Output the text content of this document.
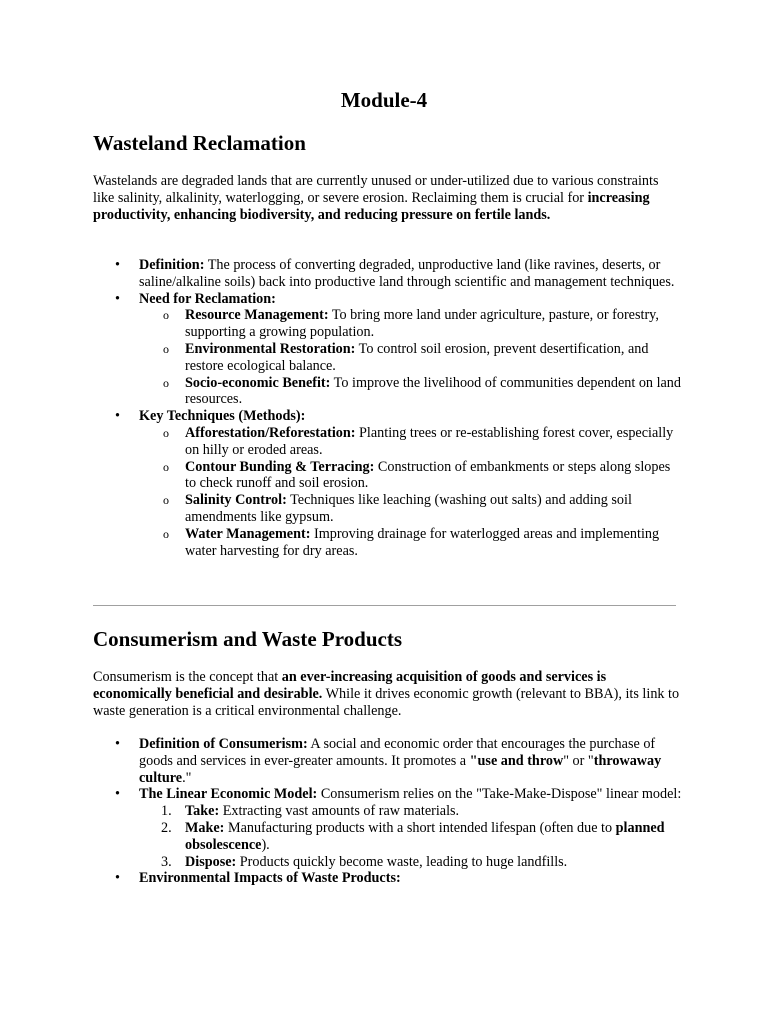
Module-4
Wasteland Reclamation

Wastelands are degraded lands that are currently unused or under-utilized due to various constraints like salinity, alkalinity, waterlogging, or severe erosion. Reclaiming them is crucial for increasing productivity, enhancing biodiversity, and reducing pressure on fertile lands.

• Definition: The process of converting degraded, unproductive land (like ravines, deserts, or saline/alkaline soils) back into productive land through scientific and management techniques.
• Need for Reclamation:
o Resource Management: To bring more land under agriculture, pasture, or forestry, supporting a growing population.
o Environmental Restoration: To control soil erosion, prevent desertification, and restore ecological balance.
o Socio-economic Benefit: To improve the livelihood of communities dependent on land resources.
• Key Techniques (Methods):
o Afforestation/Reforestation: Planting trees or re-establishing forest cover, especially on hilly or eroded areas.
o Contour Bunding & Terracing: Construction of embankments or steps along slopes to check runoff and soil erosion.
o Salinity Control: Techniques like leaching (washing out salts) and adding soil amendments like gypsum.
o Water Management: Improving drainage for waterlogged areas and implementing water harvesting for dry areas.
Consumerism and Waste Products

Consumerism is the concept that an ever-increasing acquisition of goods and services is economically beneficial and desirable. While it drives economic growth (relevant to BBA), its link to waste generation is a critical environmental challenge.

• Definition of Consumerism: A social and economic order that encourages the purchase of goods and services in ever-greater amounts. It promotes a "use and throw" or "throwaway culture."
• The Linear Economic Model: Consumerism relies on the "Take-Make-Dispose" linear model:
1. Take: Extracting vast amounts of raw materials.
2. Make: Manufacturing products with a short intended lifespan (often due to planned obsolescence).
3. Dispose: Products quickly become waste, leading to huge landfills.
• Environmental Impacts of Waste Products:
